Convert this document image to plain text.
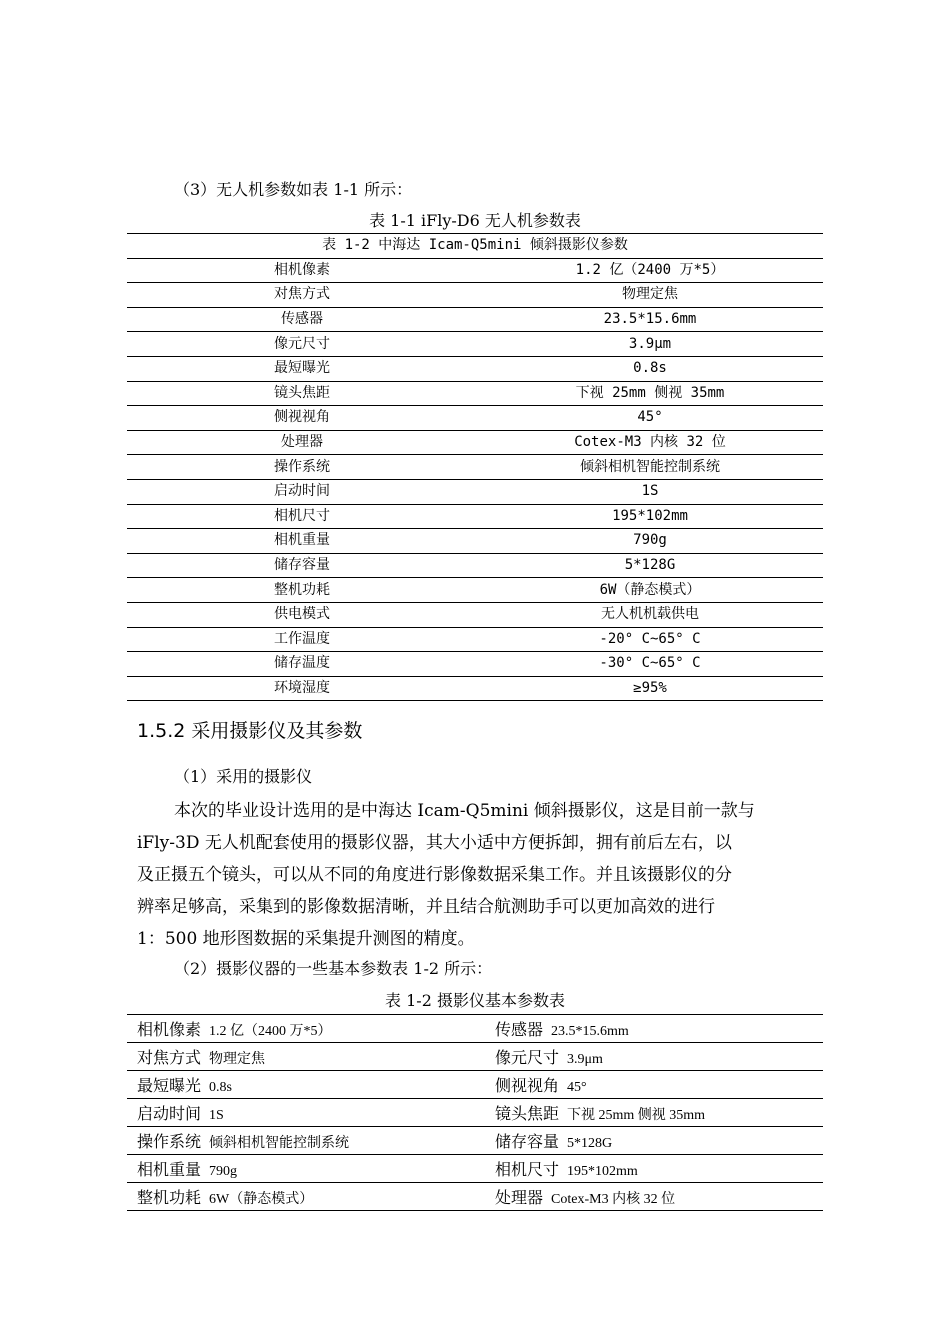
（3）无人机参数如表 1-1 所示：
表 1-1 iFly-D6 无人机参数表
表 1-2 中海达 Icam-Q5mini 倾斜摄影仪参数	
相机像素	1.2 亿（2400 万*5）
对焦方式	物理定焦
传感器	23.5*15.6mm
像元尺寸	3.9μm
最短曝光	0.8s
镜头焦距	下视 25mm 侧视 35mm
侧视视角	45°
处理器	Cotex-M3 内核 32 位
操作系统	倾斜相机智能控制系统
启动时间	1S
相机尺寸	195*102mm
相机重量	790g
储存容量	5*128G
整机功耗	6W（静态模式）
供电模式	无人机机载供电
工作温度	-20° C~65° C
储存温度	-30° C~65° C
环境湿度	≥95%
1.5.2 采用摄影仪及其参数
（1）采用的摄影仪
本次的毕业设计选用的是中海达 Icam-Q5mini 倾斜摄影仪，这是目前一款与
iFly-3D 无人机配套使用的摄影仪器，其大小适中方便拆卸，拥有前后左右，以
及正摄五个镜头，可以从不同的角度进行影像数据采集工作。并且该摄影仪的分
辨率足够高，采集到的影像数据清晰，并且结合航测助手可以更加高效的进行
1：500 地形图数据的采集提升测图的精度。
（2）摄影仪器的一些基本参数表 1-2 所示：
表 1-2 摄影仪基本参数表
相机像素 1.2 亿（2400 万*5）	传感器 23.5*15.6mm
对焦方式 物理定焦	像元尺寸 3.9μm
最短曝光 0.8s	侧视视角 45°
启动时间 1S	镜头焦距 下视 25mm 侧视 35mm
操作系统 倾斜相机智能控制系统	储存容量 5*128G
相机重量 790g	相机尺寸 195*102mm
整机功耗 6W（静态模式）	处理器 Cotex-M3 内核 32 位
